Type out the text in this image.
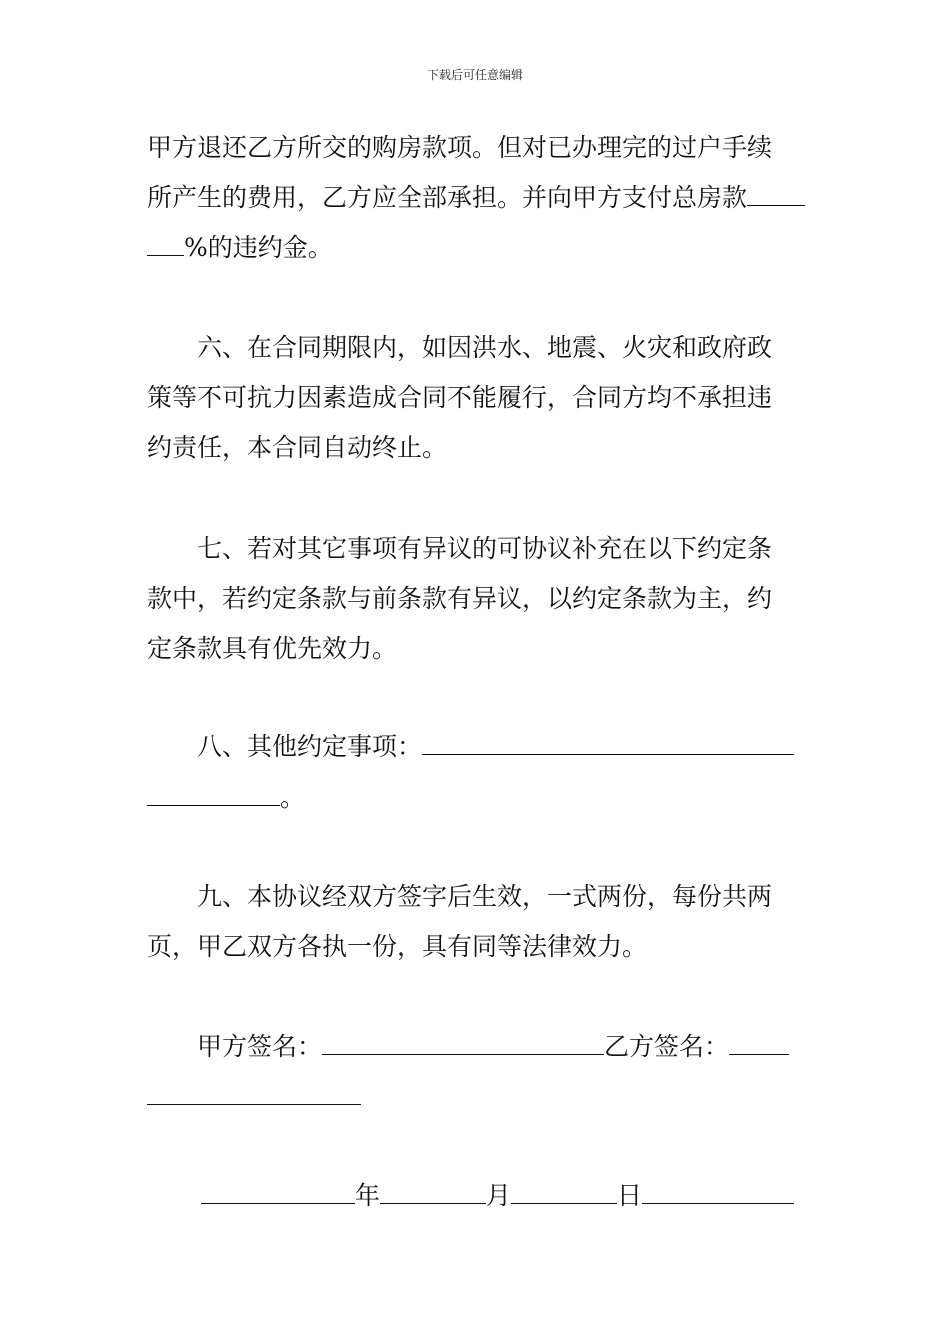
下载后可任意编辑
甲方退还乙方所交的购房款项。但对已办理完的过户手续
所产生的费用，乙方应全部承担。并向甲方支付总房款
%的违约金。
六、在合同期限内，如因洪水、地震、火灾和政府政
策等不可抗力因素造成合同不能履行，合同方均不承担违
约责任，本合同自动终止。
七、若对其它事项有异议的可协议补充在以下约定条
款中，若约定条款与前条款有异议，以约定条款为主，约
定条款具有优先效力。
八、其他约定事项：
。
九、本协议经双方签字后生效，一式两份，每份共两
页，甲乙双方各执一份，具有同等法律效力。
甲方签名：	乙方签名：
年	月	日
